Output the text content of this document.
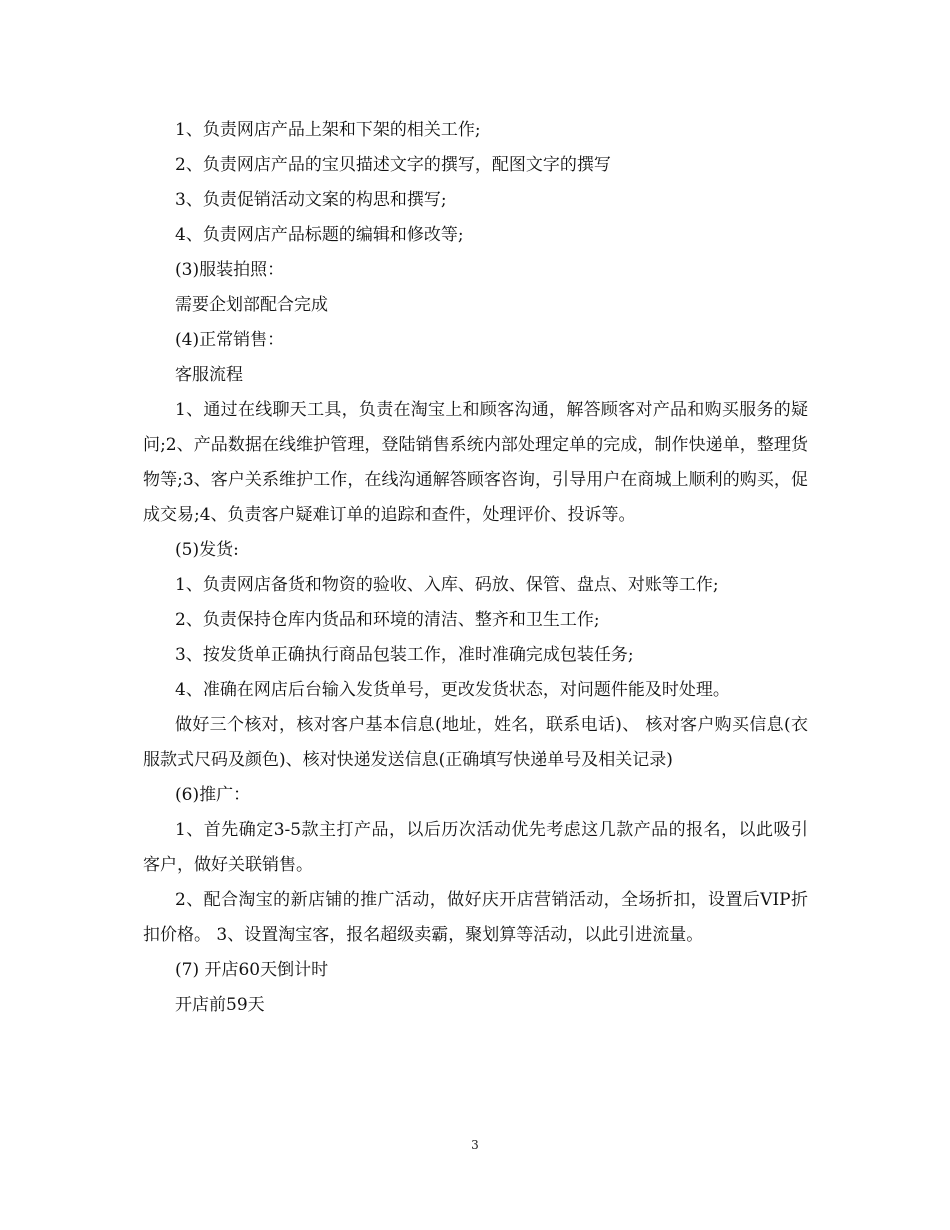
1、负责网店产品上架和下架的相关工作;

2、负责网店产品的宝贝描述文字的撰写，配图文字的撰写

3、负责促销活动文案的构思和撰写;

4、负责网店产品标题的编辑和修改等;

(3)服装拍照：

需要企划部配合完成

(4)正常销售：

客服流程

1、通过在线聊天工具，负责在淘宝上和顾客沟通，解答顾客对产品和购买服务的疑问;2、产品数据在线维护管理，登陆销售系统内部处理定单的完成，制作快递单，整理货物等;3、客户关系维护工作，在线沟通解答顾客咨询，引导用户在商城上顺利的购买，促成交易;4、负责客户疑难订单的追踪和查件，处理评价、投诉等。

(5)发货:

1、负责网店备货和物资的验收、入库、码放、保管、盘点、对账等工作;

2、负责保持仓库内货品和环境的清洁、整齐和卫生工作;

3、按发货单正确执行商品包装工作，准时准确完成包装任务;

4、准确在网店后台输入发货单号，更改发货状态，对问题件能及时处理。

做好三个核对，核对客户基本信息(地址，姓名，联系电话)、 核对客户购买信息(衣服款式尺码及颜色)、核对快递发送信息(正确填写快递单号及相关记录)

(6)推广：

1、首先确定3-5款主打产品，以后历次活动优先考虑这几款产品的报名，以此吸引客户，做好关联销售。

2、配合淘宝的新店铺的推广活动，做好庆开店营销活动，全场折扣，设置后VIP折扣价格。 3、设置淘宝客，报名超级卖霸，聚划算等活动，以此引进流量。

(7) 开店60天倒计时

开店前59天

3
